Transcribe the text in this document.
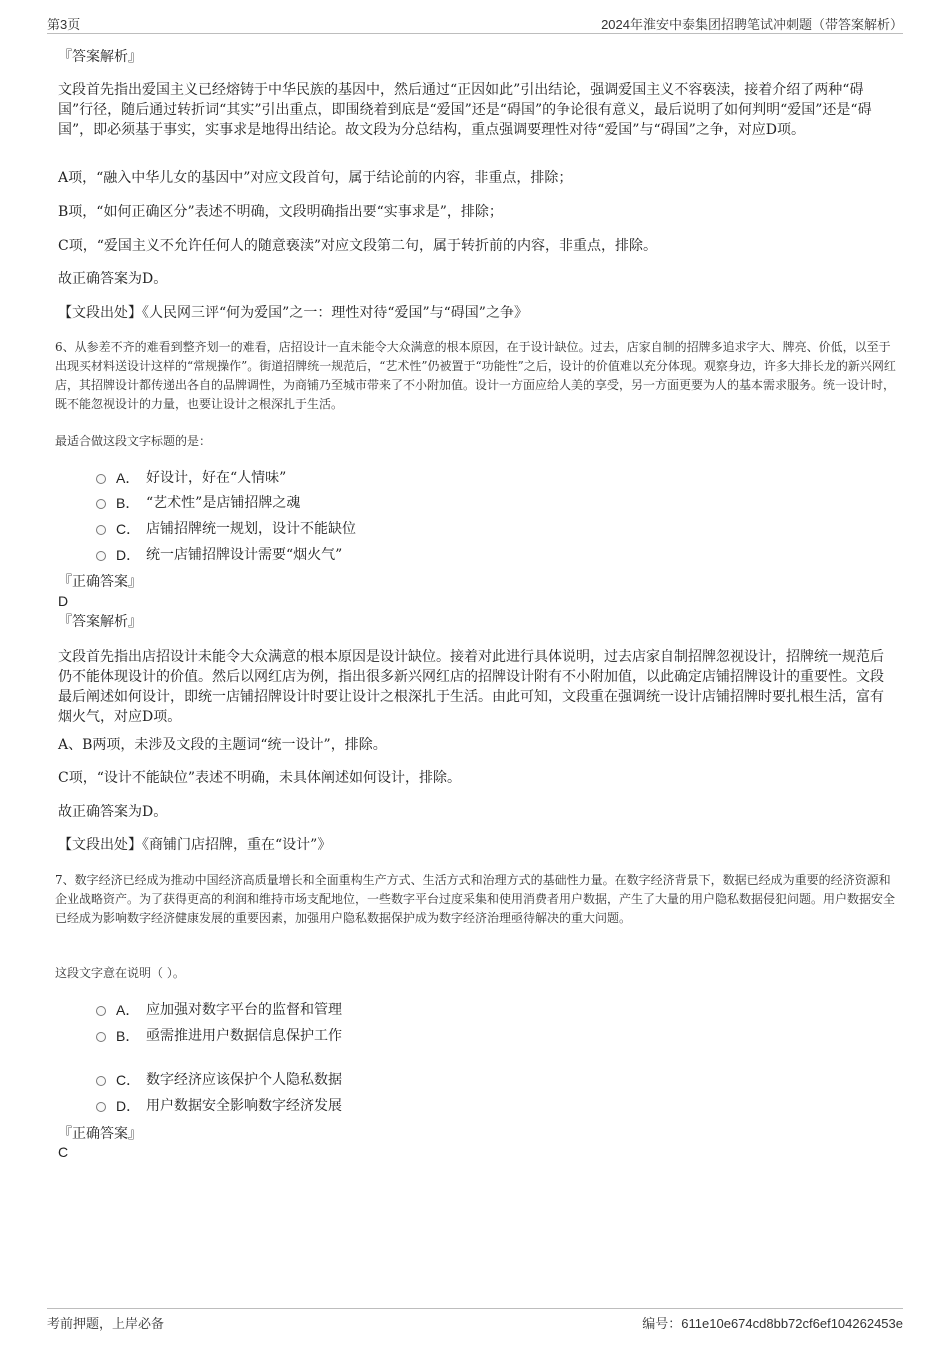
第3页	2024年淮安中泰集团招聘笔试冲刺题（带答案解析）
『答案解析』
文段首先指出爱国主义已经熔铸于中华民族的基因中，然后通过“正因如此”引出结论，强调爱国主义不容亵渎，接着介绍了两种“碍国”行径，随后通过转折词“其实”引出重点，即围绕着到底是“爱国”还是“碍国”的争论很有意义，最后说明了如何判明“爱国”还是“碍国”，即必须基于事实，实事求是地得出结论。故文段为分总结构，重点强调要理性对待“爱国”与“碍国”之争，对应D项。
A项，“融入中华儿女的基因中”对应文段首句，属于结论前的内容，非重点，排除；
B项，“如何正确区分”表述不明确，文段明确指出要“实事求是”，排除；
C项，“爱国主义不允许任何人的随意亵渎”对应文段第二句，属于转折前的内容，非重点，排除。
故正确答案为D。
【文段出处】《人民网三评“何为爱国”之一：理性对待“爱国”与“碍国”之争》
6、从参差不齐的难看到整齐划一的难看，店招设计一直未能令大众满意的根本原因，在于设计缺位。过去，店家自制的招牌多追求字大、牌亮、价低，以至于出现买材料送设计这样的“常规操作”。街道招牌统一规范后，“艺术性”仍被置于“功能性”之后，设计的价值难以充分体现。观察身边，许多大排长龙的新兴网红店，其招牌设计都传递出各自的品牌调性，为商铺乃至城市带来了不小附加值。设计一方面应给人美的享受，另一方面更要为人的基本需求服务。统一设计时，既不能忽视设计的力量，也要让设计之根深扎于生活。
最适合做这段文字标题的是：
A． 好设计，好在“人情味”
B． “艺术性”是店铺招牌之魂
C． 店铺招牌统一规划，设计不能缺位
D． 统一店铺招牌设计需要“烟火气”
『正确答案』
D
『答案解析』
文段首先指出店招设计未能令大众满意的根本原因是设计缺位。接着对此进行具体说明，过去店家自制招牌忽视设计，招牌统一规范后仍不能体现设计的价值。然后以网红店为例，指出很多新兴网红店的招牌设计附有不小附加值，以此确定店铺招牌设计的重要性。文段最后阐述如何设计，即统一店铺招牌设计时要让设计之根深扎于生活。由此可知，文段重在强调统一设计店铺招牌时要扎根生活，富有烟火气，对应D项。
A、B两项，未涉及文段的主题词“统一设计”，排除。
C项，“设计不能缺位”表述不明确，未具体阐述如何设计，排除。
故正确答案为D。
【文段出处】《商铺门店招牌，重在“设计”》
7、数字经济已经成为推动中国经济高质量增长和全面重构生产方式、生活方式和治理方式的基础性力量。在数字经济背景下，数据已经成为重要的经济资源和企业战略资产。为了获得更高的利润和维持市场支配地位，一些数字平台过度采集和使用消费者用户数据，产生了大量的用户隐私数据侵犯问题。用户数据安全已经成为影响数字经济健康发展的重要因素，加强用户隐私数据保护成为数字经济治理亟待解决的重大问题。
这段文字意在说明（ ）。
A． 应加强对数字平台的监督和管理
B． 亟需推进用户数据信息保护工作
C． 数字经济应该保护个人隐私数据
D． 用户数据安全影响数字经济发展
『正确答案』
C
考前押题，上岸必备	编号：611e10e674cd8bb72cf6ef104262453e
